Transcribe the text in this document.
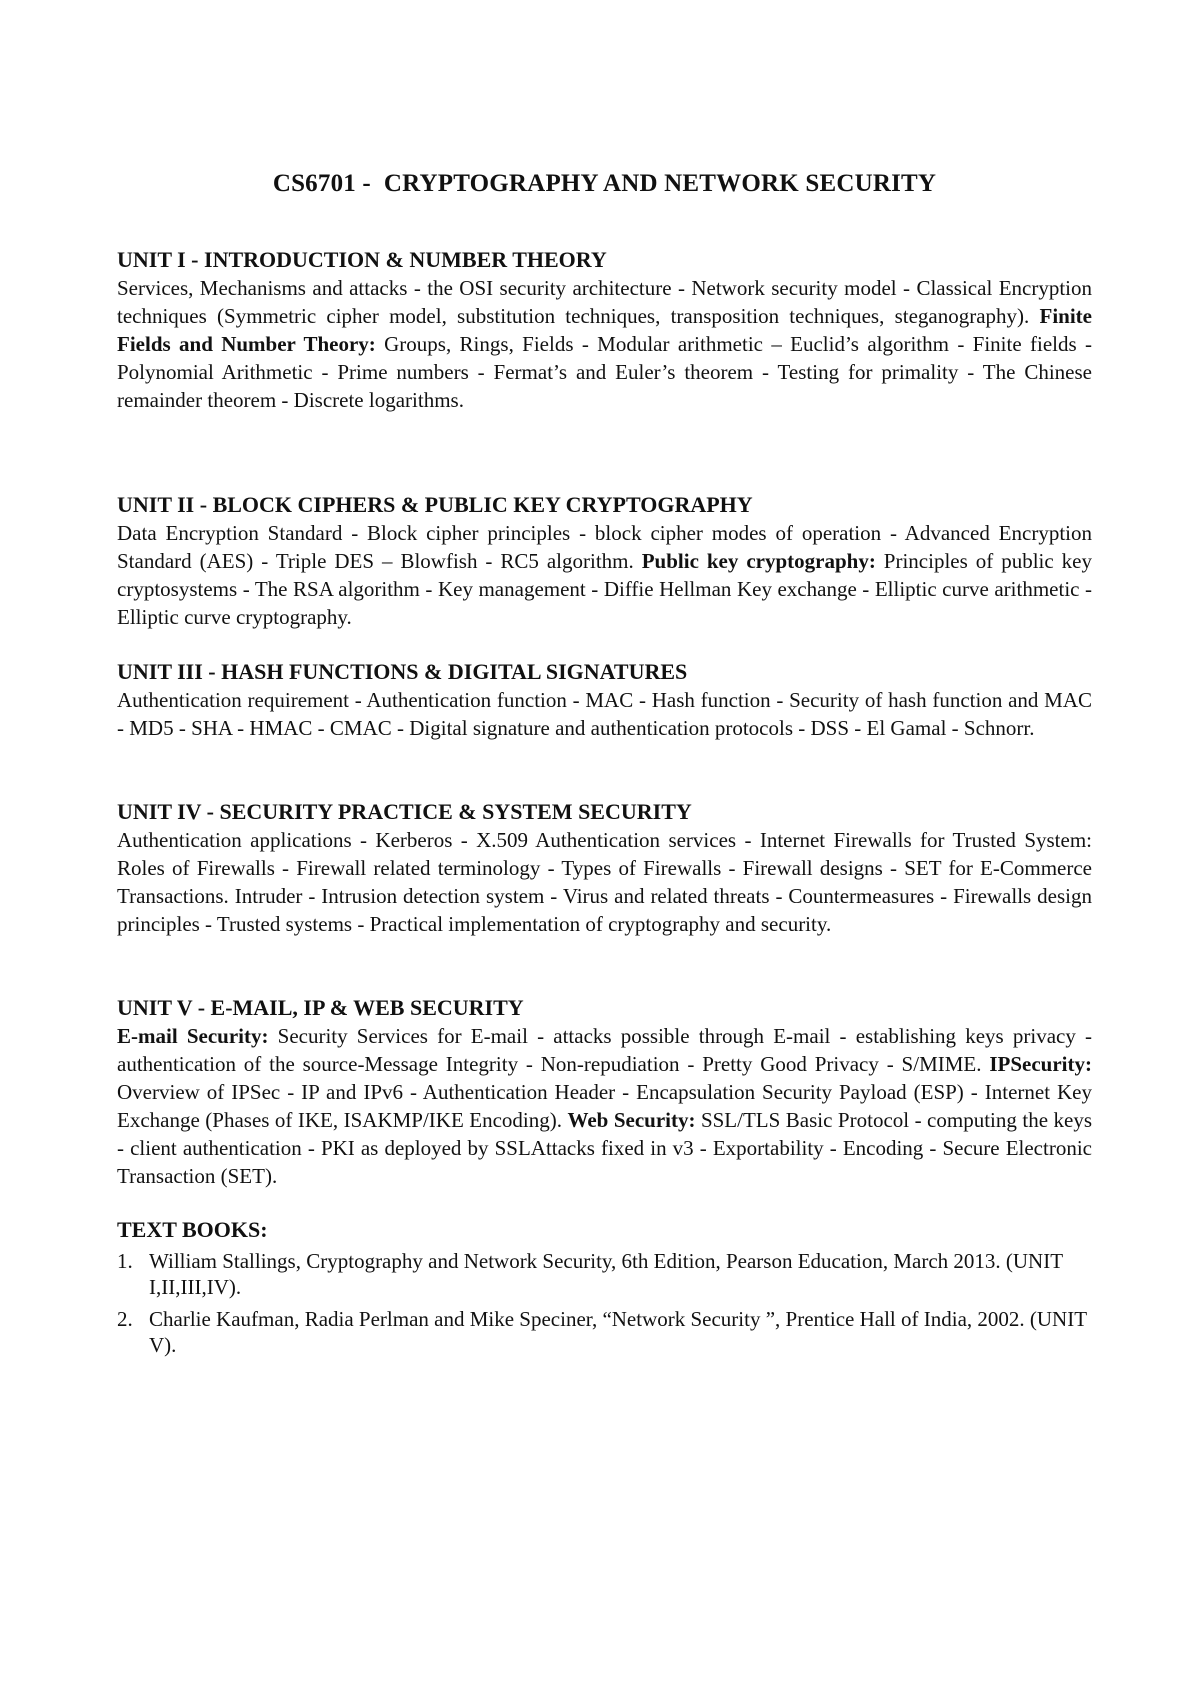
CS6701 -  CRYPTOGRAPHY AND NETWORK SECURITY

UNIT I - INTRODUCTION & NUMBER THEORY

Services, Mechanisms and attacks - the OSI security architecture - Network security model - Classical Encryption techniques (Symmetric cipher model, substitution techniques, transposition techniques, steganography). Finite Fields and Number Theory: Groups, Rings, Fields - Modular arithmetic – Euclid’s algorithm - Finite fields - Polynomial Arithmetic - Prime numbers - Fermat’s and Euler’s theorem - Testing for primality - The Chinese remainder theorem - Discrete logarithms.

UNIT II - BLOCK CIPHERS & PUBLIC KEY CRYPTOGRAPHY

Data Encryption Standard - Block cipher principles - block cipher modes of operation - Advanced Encryption Standard (AES) - Triple DES – Blowfish - RC5 algorithm. Public key cryptography: Principles of public key cryptosystems - The RSA algorithm - Key management - Diffie Hellman Key exchange - Elliptic curve arithmetic - Elliptic curve cryptography.

UNIT III - HASH FUNCTIONS & DIGITAL SIGNATURES

Authentication requirement - Authentication function - MAC - Hash function - Security of hash function and MAC - MD5 - SHA - HMAC - CMAC - Digital signature and authentication protocols - DSS - El Gamal - Schnorr.

UNIT IV - SECURITY PRACTICE & SYSTEM SECURITY

Authentication applications - Kerberos - X.509 Authentication services - Internet Firewalls for Trusted System: Roles of Firewalls - Firewall related terminology - Types of Firewalls - Firewall designs - SET for E-Commerce Transactions. Intruder - Intrusion detection system - Virus and related threats - Countermeasures - Firewalls design principles - Trusted systems - Practical implementation of cryptography and security.

UNIT V - E-MAIL, IP & WEB SECURITY

E-mail Security: Security Services for E-mail - attacks possible through E-mail - establishing keys privacy - authentication of the source-Message Integrity - Non-repudiation - Pretty Good Privacy - S/MIME. IPSecurity: Overview of IPSec - IP and IPv6 - Authentication Header - Encapsulation Security Payload (ESP) - Internet Key Exchange (Phases of IKE, ISAKMP/IKE Encoding). Web Security: SSL/TLS Basic Protocol - computing the keys - client authentication - PKI as deployed by SSLAttacks fixed in v3 - Exportability - Encoding - Secure Electronic Transaction (SET).

TEXT BOOKS:

1. William Stallings, Cryptography and Network Security, 6th Edition, Pearson Education, March 2013. (UNIT I,II,III,IV).
2. Charlie Kaufman, Radia Perlman and Mike Speciner, “Network Security ”, Prentice Hall of India, 2002. (UNIT V).
